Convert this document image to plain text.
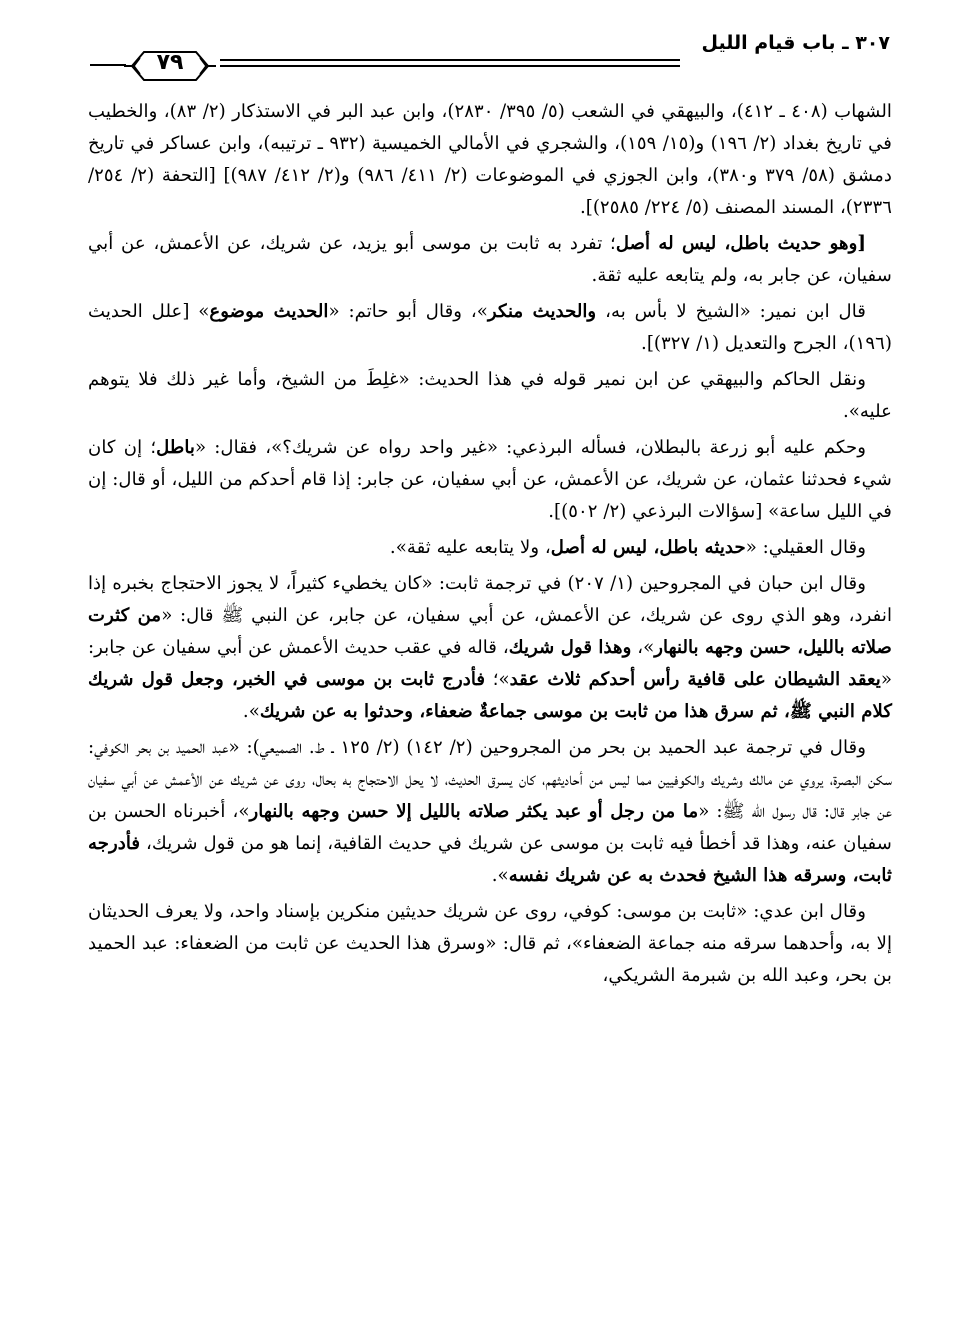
٣٠٧ ـ باب قيام الليل
٧٩

الشهاب (٤٠٨ ـ ٤١٢)، والبيهقي في الشعب (٥/ ٣٩٥/ ٢٨٣٠)، وابن عبد البر في الاستذكار (٢/ ٨٣)، والخطيب في تاريخ بغداد (٢/ ١٩٦) و(١٥/ ١٥٩)، والشجري في الأمالي الخميسية (٩٣٢ ـ ترتيبه)، وابن عساكر في تاريخ دمشق (٥٨/ ٣٧٩ و٣٨٠)، وابن الجوزي في الموضوعات (٢/ ٤١١/ ٩٨٦) و(٢/ ٤١٢/ ٩٨٧)] [التحفة (٢/ ٢٥٤/ ٢٣٣٦)، المسند المصنف (٥/ ٢٢٤/ ٢٥٨٥)].

[وهو حديث باطل، ليس له أصل؛ تفرد به ثابت بن موسى أبو يزيد، عن شريك، عن الأعمش، عن أبي سفيان، عن جابر به، ولم يتابعه عليه ثقة.

قال ابن نمير: «الشيخ لا بأس به، والحديث منكر»، وقال أبو حاتم: «الحديث موضوع» [علل الحديث (١٩٦)، الجرح والتعديل (١/ ٣٢٧)].

ونقل الحاكم والبيهقي عن ابن نمير قوله في هذا الحديث: «غلِطَ من الشيخ، وأما غير ذلك فلا يتوهم عليه».

وحكم عليه أبو زرعة بالبطلان، فسأله البرذعي: «غير واحد رواه عن شريك؟»، فقال: «باطل؛ إن كان شيء فحدثنا عثمان، عن شريك، عن الأعمش، عن أبي سفيان، عن جابر: إذا قام أحدكم من الليل، أو قال: إن في الليل ساعة» [سؤالات البرذعي (٢/ ٥٠٢)].

وقال العقيلي: «حديثه باطل، ليس له أصل، ولا يتابعه عليه ثقة».

وقال ابن حبان في المجروحين (١/ ٢٠٧) في ترجمة ثابت: «كان يخطيء كثيراً، لا يجوز الاحتجاج بخبره إذا انفرد، وهو الذي روى عن شريك، عن الأعمش، عن أبي سفيان، عن جابر، عن النبي ﷺ قال: «من كثرت صلاته بالليل، حسن وجهه بالنهار»، وهذا قول شريك، قاله في عقب حديث الأعمش عن أبي سفيان عن جابر: «يعقد الشيطان على قافية رأس أحدكم ثلاث عقد»؛ فأدرج ثابت بن موسى في الخبر، وجعل قول شريك كلام النبي ﷺ، ثم سرق هذا من ثابت بن موسى جماعةٌ ضعفاء، وحدثوا به عن شريك».

وقال في ترجمة عبد الحميد بن بحر من المجروحين (٢/ ١٤٢) (٢/ ١٢٥ ـ ط. الصميعي): «عبد الحميد بن بحر الكوفي: سكن البصرة، يروي عن مالك وشريك والكوفيين مما ليس من أحاديثهم، كان يسرق الحديث، لا يحل الاحتجاج به بحال، روى عن شريك عن الأعمش عن أبي سفيان عن جابر قال: قال رسول الله ﷺ: «ما من رجل أو عبد يكثر صلاته بالليل إلا حسن وجهه بالنهار»، أخبرناه الحسن بن سفيان عنه، وهذا قد أخطأ فيه ثابت بن موسى عن شريك في حديث القافية، إنما هو من قول شريك، فأدرجه ثابت، وسرقه هذا الشيخ فحدث به عن شريك نفسه».

وقال ابن عدي: «ثابت بن موسى: كوفي، روى عن شريك حديثين منكرين بإسناد واحد، ولا يعرف الحديثان إلا به، وأحدهما سرقه منه جماعة الضعفاء»، ثم قال: «وسرق هذا الحديث عن ثابت من الضعفاء: عبد الحميد بن بحر، وعبد الله بن شبرمة الشريكي،
